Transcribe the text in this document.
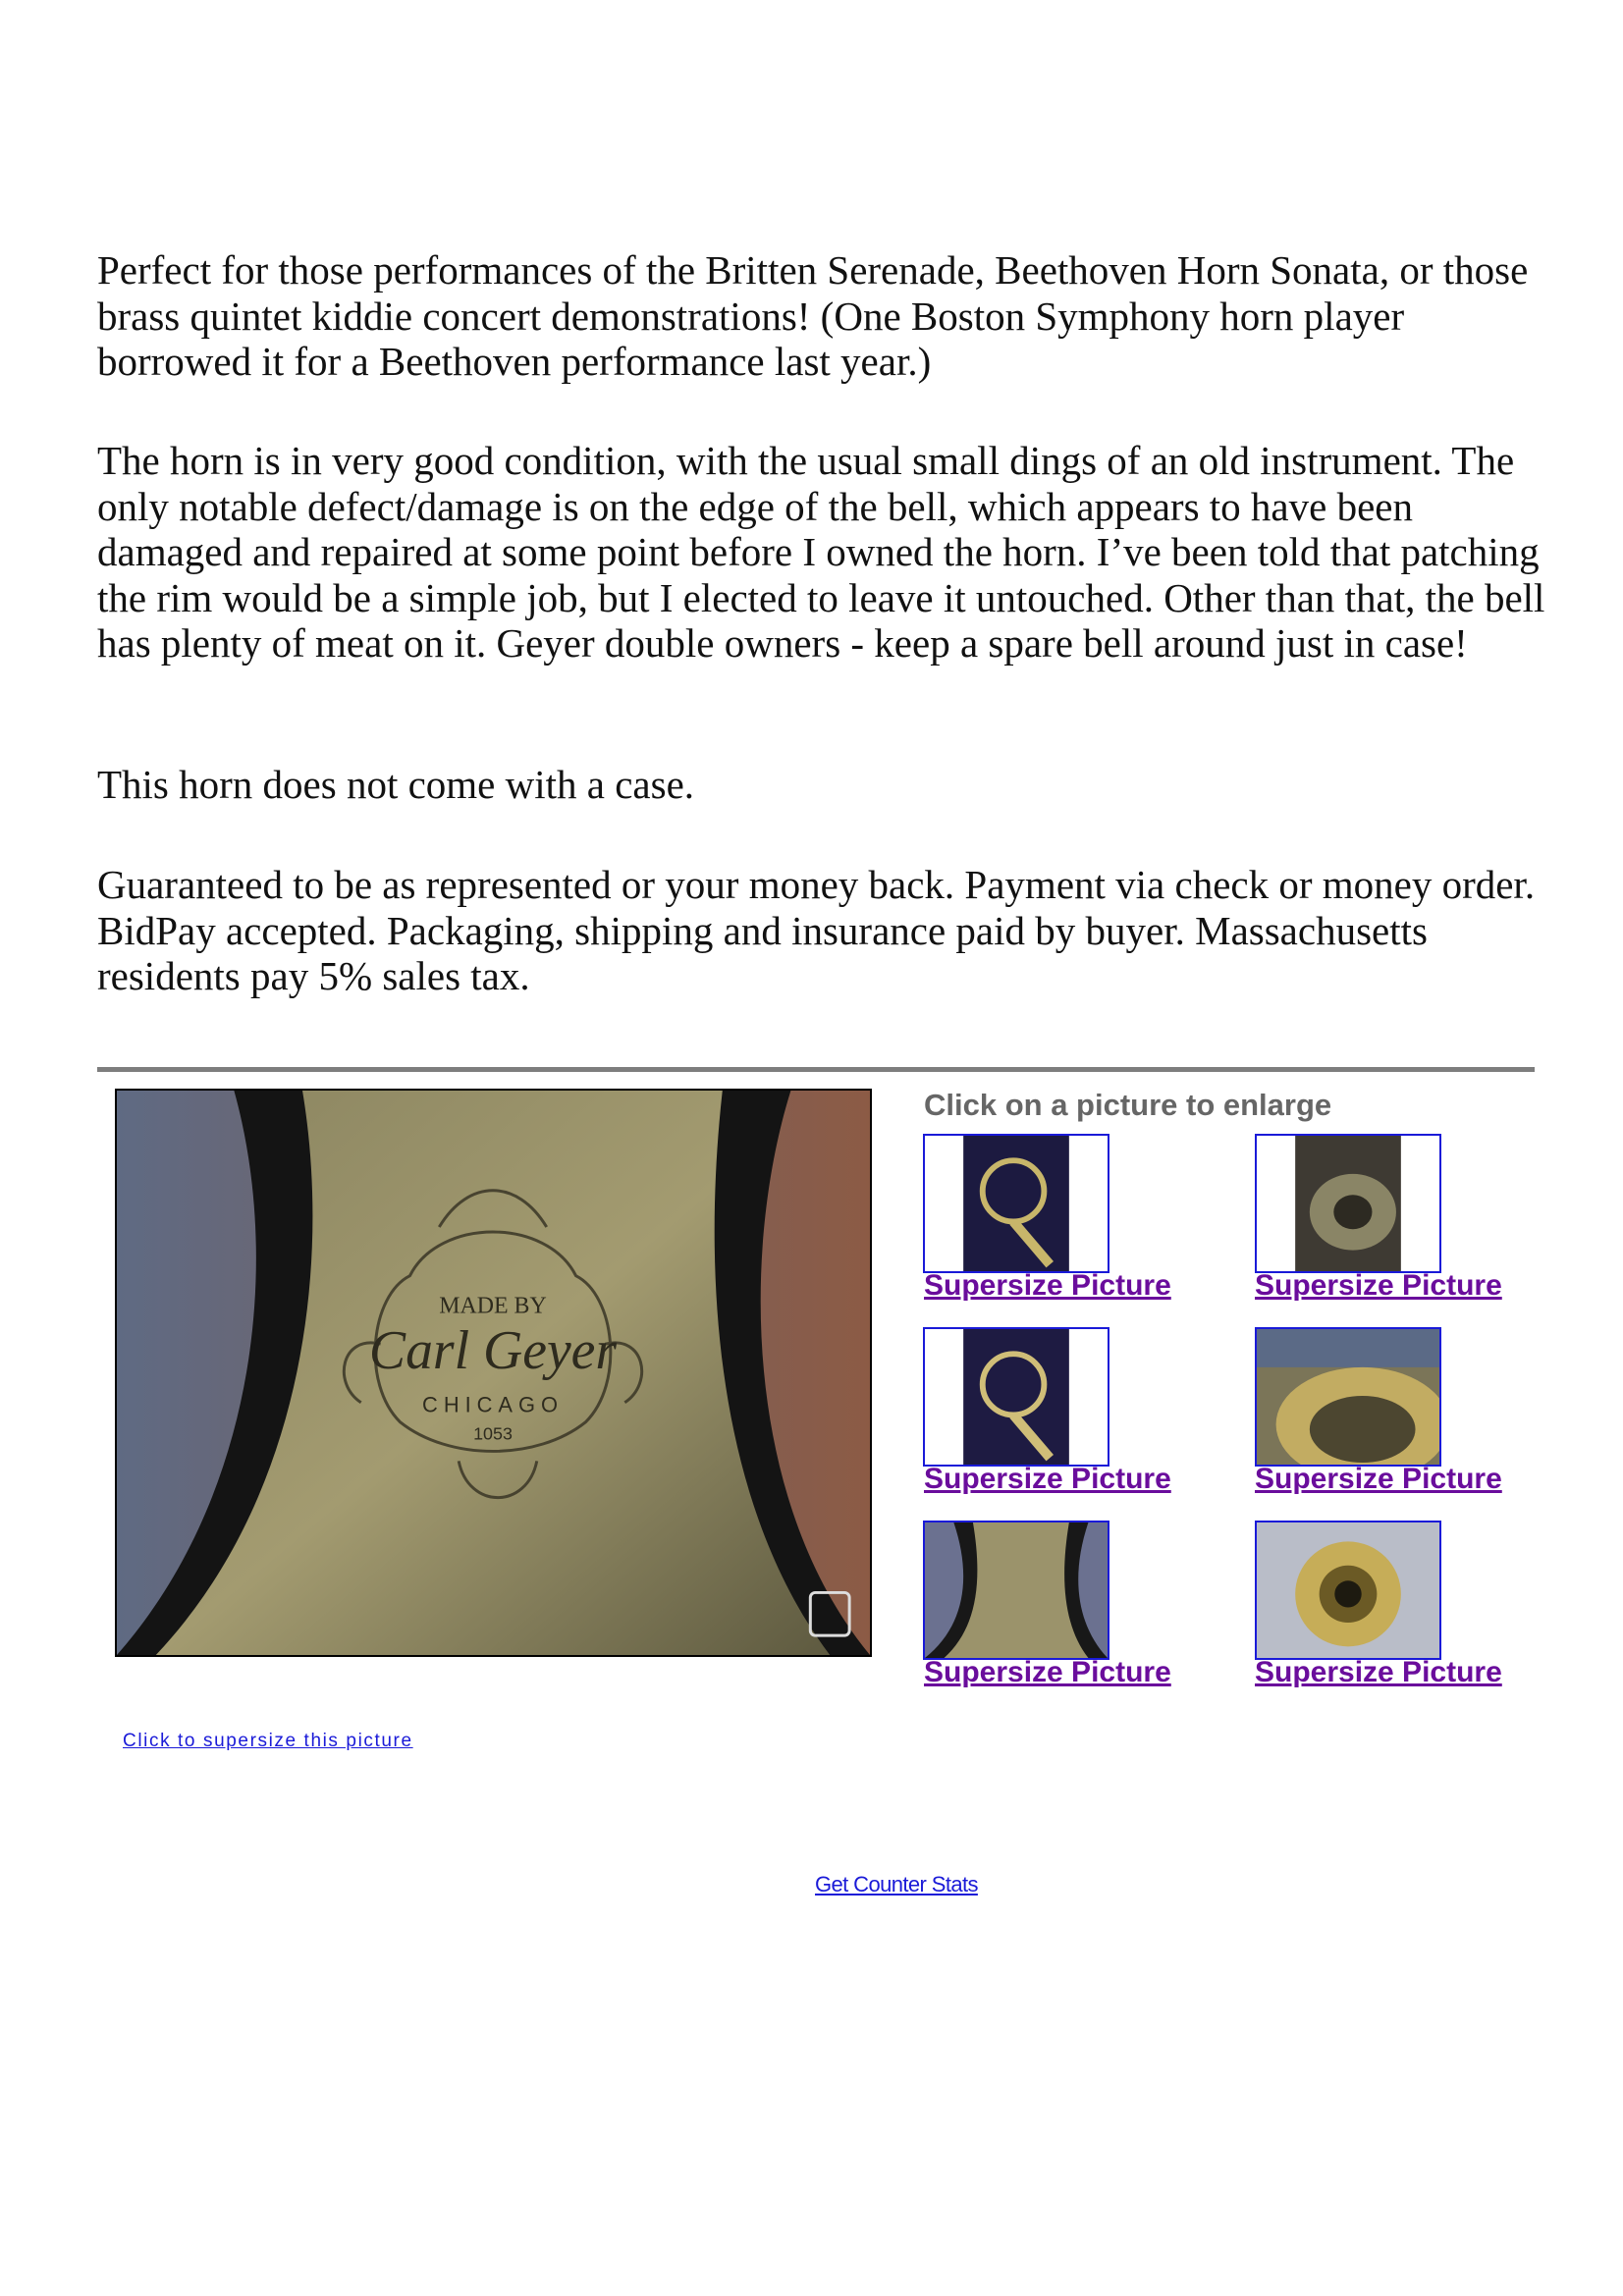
Perfect for those performances of the Britten Serenade, Beethoven Horn Sonata, or those brass quintet kiddie concert demonstrations! (One Boston Symphony horn player borrowed it for a Beethoven performance last year.)

The horn is in very good condition, with the usual small dings of an old instrument. The only notable defect/damage is on the edge of the bell, which appears to have been damaged and repaired at some point before I owned the horn. I’ve been told that patching the rim would be a simple job, but I elected to leave it untouched. Other than that, the bell has plenty of meat on it. Geyer double owners - keep a spare bell around just in case!

This horn does not come with a case.

Guaranteed to be as represented or your money back. Payment via check or money order. BidPay accepted. Packaging, shipping and insurance paid by buyer. Massachusetts residents pay 5% sales tax.

MADE BY
Carl Geyer
CHICAGO
1053
Click on a picture to enlarge
Supersize Picture	Supersize Picture
Supersize Picture	Supersize Picture
Supersize Picture	Supersize Picture
Click to supersize this picture
Get Counter Stats
